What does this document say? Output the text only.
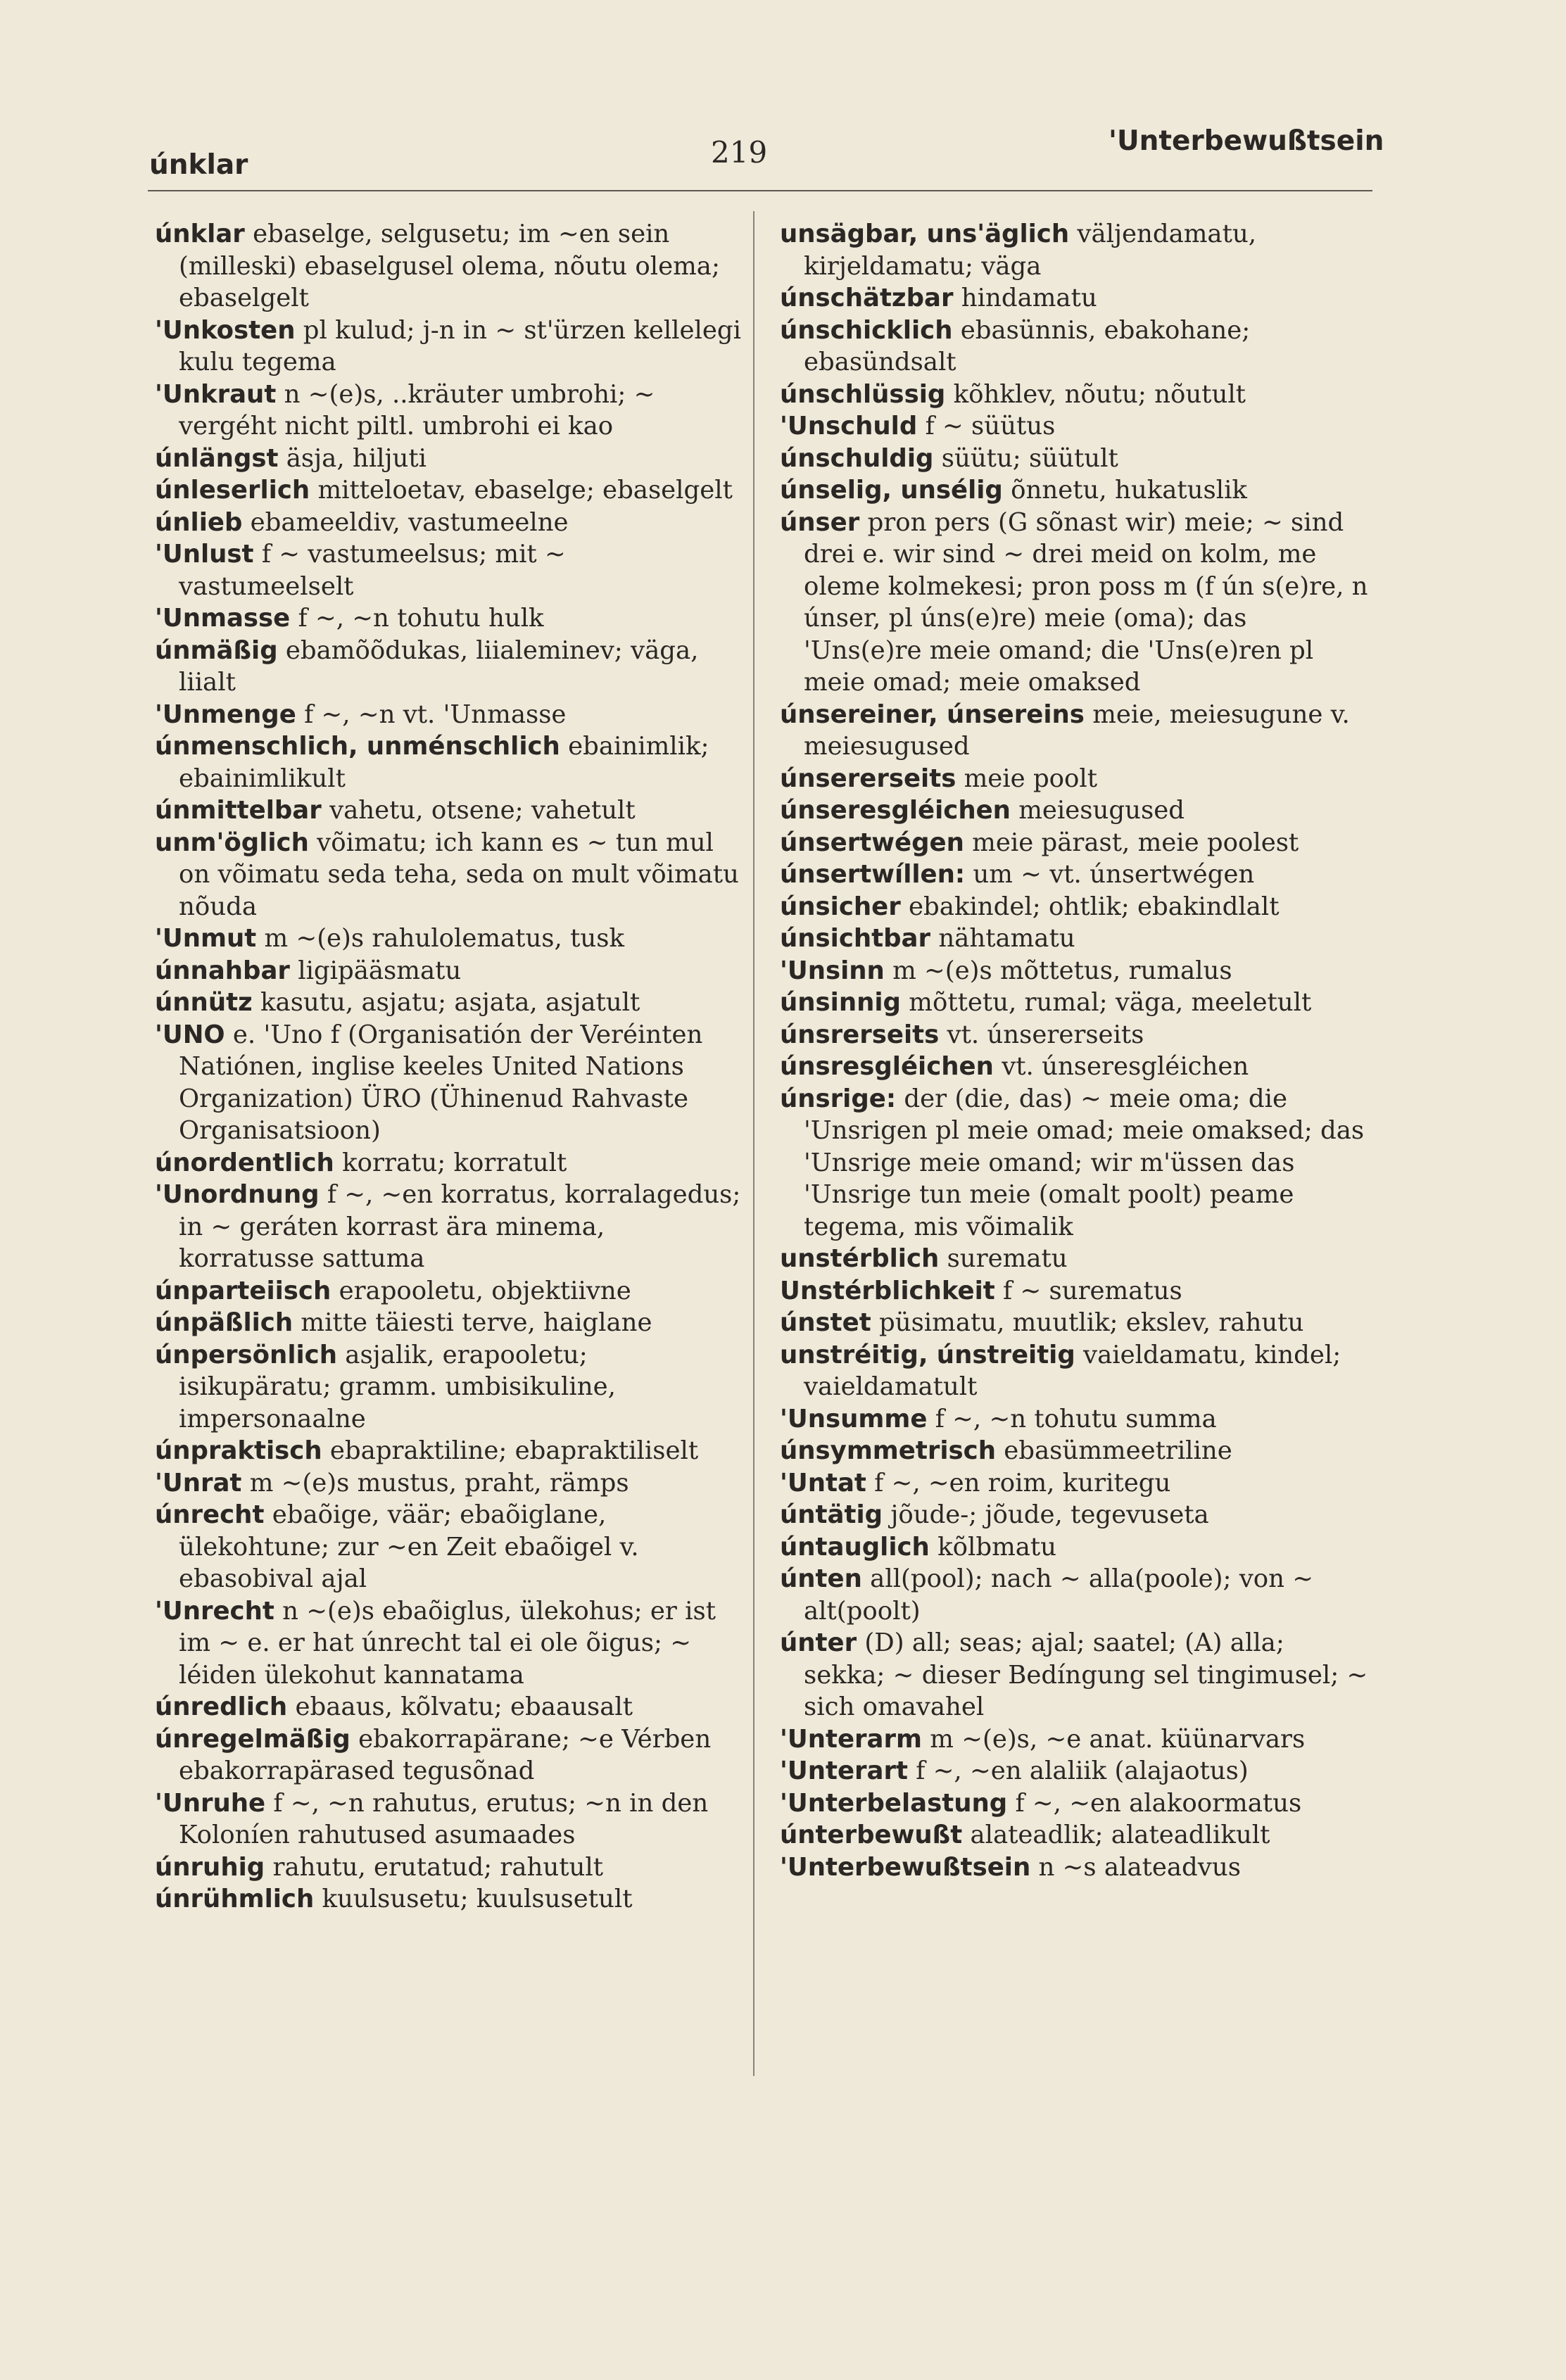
únklar	219	'Unterbewußtsein
únklar ebaselge, selgusetu; im ~en sein (milleski) ebaselgusel olema, nõutu olema; ebaselgelt
'Unkosten pl kulud; j-n in ~ st'ürzen kellelegi kulu tegema
'Unkraut n ~(e)s, ..kräuter umbrohi; ~ vergéht nicht piltl. umbrohi ei kao
únlängst äsja, hiljuti
únleserlich mitteloetav, ebaselge; ebaselgelt
únlieb ebameeldiv, vastumeelne
'Unlust f ~ vastumeelsus; mit ~ vastumeelselt
'Unmasse f ~, ~n tohutu hulk
únmäßig ebamõõdukas, liialeminev; väga, liialt
'Unmenge f ~, ~n vt. 'Unmasse
únmenschlich, unménschlich ebainimlik; ebainimlikult
únmittelbar vahetu, otsene; vahetult
unm'öglich võimatu; ich kann es ~ tun mul on võimatu seda teha, seda on mult võimatu nõuda
'Unmut m ~(e)s rahulolematus, tusk
únnahbar ligipääsmatu
únnütz kasutu, asjatu; asjata, asjatult
'UNO e. 'Uno f (Organisatión der Veréinten Natiónen, inglise keeles United Nations Organization) ÜRO (Ühinenud Rahvaste Organisatsioon)
únordentlich korratu; korratult
'Unordnung f ~, ~en korratus, korralagedus; in ~ geráten korrast ära minema, korratusse sattuma
únparteiisch erapooletu, objektiivne
únpäßlich mitte täiesti terve, haiglane
únpersönlich asjalik, erapooletu; isikupäratu; gramm. umbisikuline, impersonaalne
únpraktisch ebapraktiline; ebapraktiliselt
'Unrat m ~(e)s mustus, praht, rämps
únrecht ebaõige, väär; ebaõiglane, ülekohtune; zur ~en Zeit ebaõigel v. ebasobival ajal
'Unrecht n ~(e)s ebaõiglus, ülekohus; er ist im ~ e. er hat únrecht tal ei ole õigus; ~ léiden ülekohut kannatama
únredlich ebaaus, kõlvatu; ebaausalt
únregelmäßig ebakorrapärane; ~e Vérben ebakorrapärased tegusõnad
'Unruhe f ~, ~n rahutus, erutus; ~n in den Koloníen rahutused asumaades
únruhig rahutu, erutatud; rahutult
únrühmlich kuulsusetu; kuulsusetult
unsägbar, uns'äglich väljendamatu, kirjeldamatu; väga
únschätzbar hindamatu
únschicklich ebasünnis, ebakohane; ebasündsalt
únschlüssig kõhklev, nõutu; nõutult
'Unschuld f ~ süütus
únschuldig süütu; süütult
únselig, unsélig õnnetu, hukatuslik
únser pron pers (G sõnast wir) meie; ~ sind drei e. wir sind ~ drei meid on kolm, me oleme kolmekesi; pron poss m (f ún s(e)re, n únser, pl úns(e)re) meie (oma); das 'Uns(e)re meie omand; die 'Uns(e)ren pl meie omad; meie omaksed
únsereiner, únsereins meie, meiesugune v. meiesugused
únsererseits meie poolt
únseresgléichen meiesugused
únsertwégen meie pärast, meie poolest
únsertwíllen: um ~ vt. únsertwégen
únsicher ebakindel; ohtlik; ebakindlalt
únsichtbar nähtamatu
'Unsinn m ~(e)s mõttetus, rumalus
únsinnig mõttetu, rumal; väga, meeletult
únsrerseits vt. únsererseits
únsresgléichen vt. únseresgléichen
únsrige: der (die, das) ~ meie oma; die 'Unsrigen pl meie omad; meie omaksed; das 'Unsrige meie omand; wir m'üssen das 'Unsrige tun meie (omalt poolt) peame tegema, mis võimalik
unstérblich surematu
Unstérblichkeit f ~ surematus
únstet püsimatu, muutlik; ekslev, rahutu
unstréitig, únstreitig vaieldamatu, kindel; vaieldamatult
'Unsumme f ~, ~n tohutu summa
únsymmetrisch ebasümmeetriline
'Untat f ~, ~en roim, kuritegu
úntätig jõude-; jõude, tegevuseta
úntauglich kõlbmatu
únten all(pool); nach ~ alla(poole); von ~ alt(poolt)
únter (D) all; seas; ajal; saatel; (A) alla; sekka; ~ dieser Bedíngung sel tingimusel; ~ sich omavahel
'Unterarm m ~(e)s, ~e anat. küünarvars
'Unterart f ~, ~en alaliik (alajaotus)
'Unterbelastung f ~, ~en alakoormatus
únterbewußt alateadlik; alateadlikult
'Unterbewußtsein n ~s alateadvus
